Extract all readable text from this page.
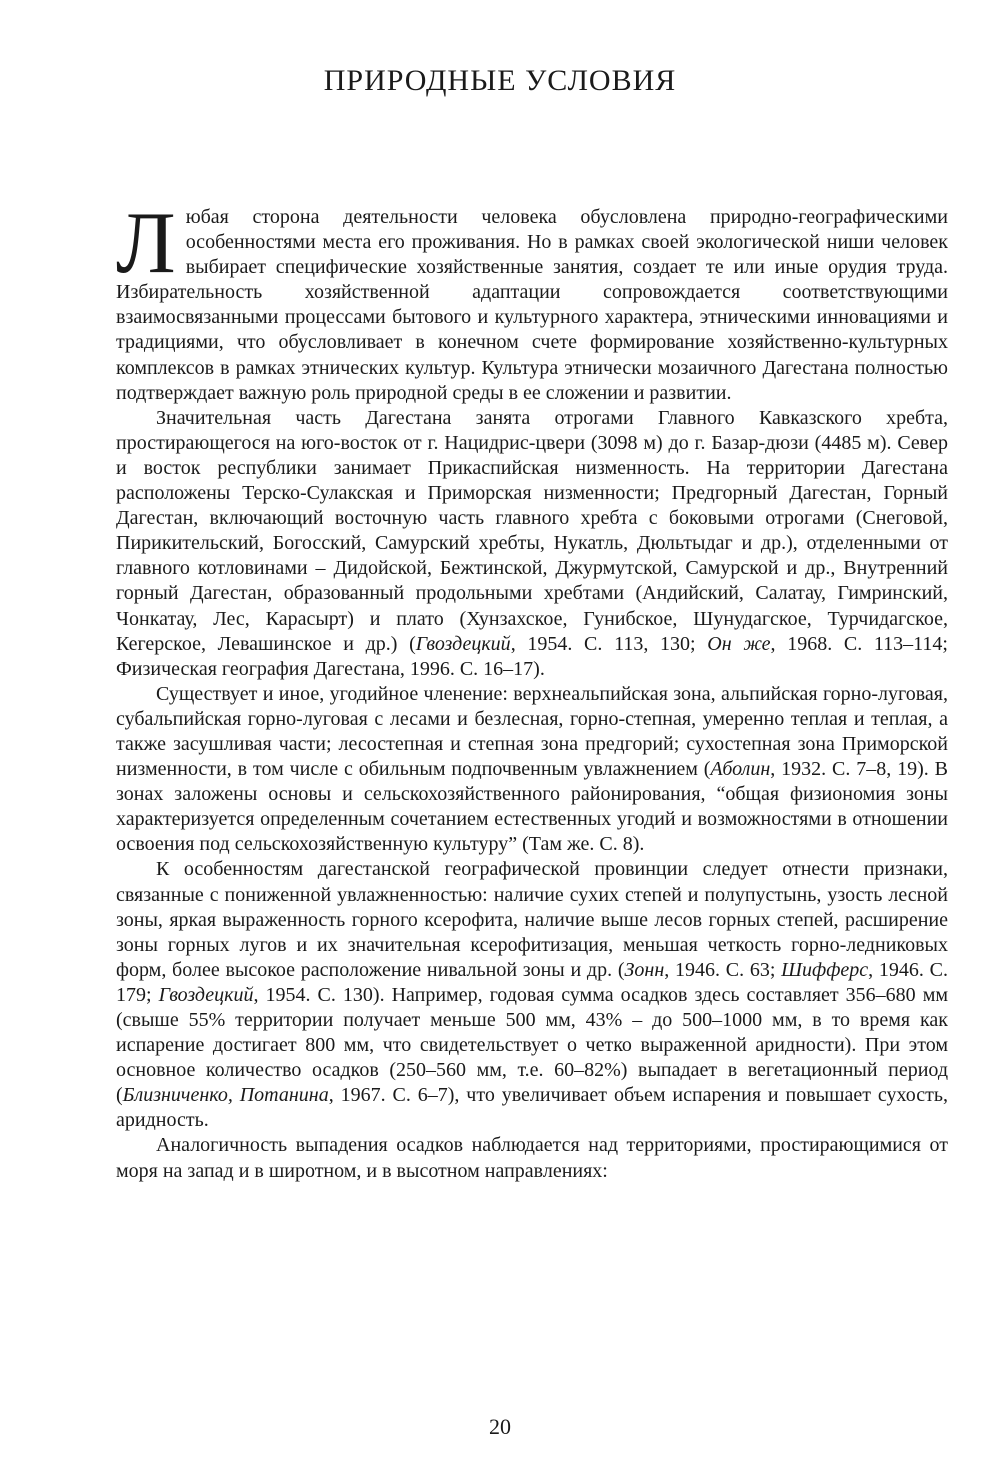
ПРИРОДНЫЕ УСЛОВИЯ

Л юбая сторона деятельности человека обусловлена природно-географическими особенностями места его проживания. Но в рамках своей экологической ниши человек выбирает специфические хозяйственные занятия, создает те или иные орудия труда. Избирательность хозяйственной адаптации сопровождается соответствующими взаимосвязанными процессами бытового и культурного характера, этническими инновациями и традициями, что обусловливает в конечном счете формирование хозяйственно-культурных комплексов в рамках этнических культур. Культура этнически мозаичного Дагестана полностью подтверждает важную роль природной среды в ее сложении и развитии.

Значительная часть Дагестана занята отрогами Главного Кавказского хребта, простирающегося на юго-восток от г. Нацидрис-цвери (3098 м) до г. Базар-дюзи (4485 м). Север и восток республики занимает Прикаспийская низменность. На территории Дагестана расположены Терско-Сулакская и Приморская низменности; Предгорный Дагестан, Горный Дагестан, включающий восточную часть главного хребта с боковыми отрогами (Снеговой, Пирикительский, Богосский, Самурский хребты, Нукатль, Дюльтыдаг и др.), отделенными от главного котловинами – Дидойской, Бежтинской, Джурмутской, Самурской и др., Внутренний горный Дагестан, образованный продольными хребтами (Андийский, Салатау, Гимринский, Чонкатау, Лес, Карасырт) и плато (Хунзахское, Гунибское, Шунудагское, Турчидагское, Кегерское, Левашинское и др.) (Гвоздецкий, 1954. С. 113, 130; Он же, 1968. С. 113–114; Физическая география Дагестана, 1996. С. 16–17).

Существует и иное, угодийное членение: верхнеальпийская зона, альпийская горно-луговая, субальпийская горно-луговая с лесами и безлесная, горно-степная, умеренно теплая и теплая, а также засушливая части; лесостепная и степная зона предгорий; сухостепная зона Приморской низменности, в том числе с обильным подпочвенным увлажнением (Аболин, 1932. С. 7–8, 19). В зонах заложены основы и сельскохозяйственного районирования, “общая физиономия зоны характеризуется определенным сочетанием естественных угодий и возможностями в отношении освоения под сельскохозяйственную культуру” (Там же. С. 8).

К особенностям дагестанской географической провинции следует отнести признаки, связанные с пониженной увлажненностью: наличие сухих степей и полупустынь, узость лесной зоны, яркая выраженность горного ксерофита, наличие выше лесов горных степей, расширение зоны горных лугов и их значительная ксерофитизация, меньшая четкость горно-ледниковых форм, более высокое расположение нивальной зоны и др. (Зонн, 1946. С. 63; Шифферс, 1946. С. 179; Гвоздецкий, 1954. С. 130). Например, годовая сумма осадков здесь составляет 356–680 мм (свыше 55% территории получает меньше 500 мм, 43% – до 500–1000 мм, в то время как испарение достигает 800 мм, что свидетельствует о четко выраженной аридности). При этом основное количество осадков (250–560 мм, т.е. 60–82%) выпадает в вегетационный период (Близниченко, Потанина, 1967. С. 6–7), что увеличивает объем испарения и повышает сухость, аридность.

Аналогичность выпадения осадков наблюдается над территориями, простирающимися от моря на запад и в широтном, и в высотном направлениях:

20
